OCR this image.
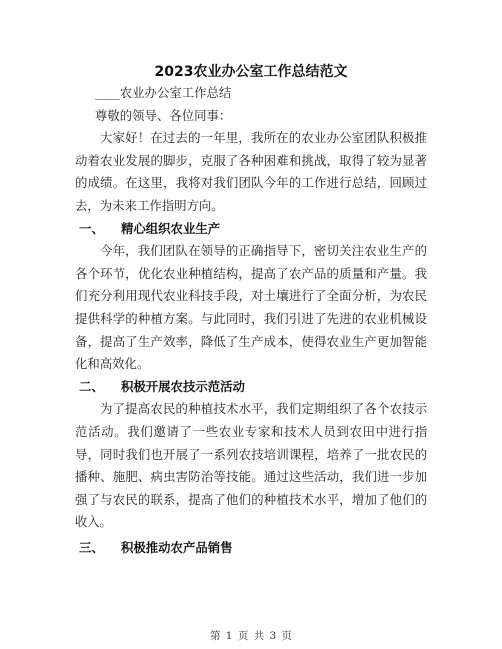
2023农业办公室工作总结范文

____农业办公室工作总结

尊敬的领导、各位同事：

大家好！在过去的一年里，我所在的农业办公室团队积极推动着农业发展的脚步，克服了各种困难和挑战，取得了较为显著的成绩。在这里，我将对我们团队今年的工作进行总结，回顾过去，为未来工作指明方向。

一、 精心组织农业生产

今年，我们团队在领导的正确指导下，密切关注农业生产的各个环节，优化农业种植结构，提高了农产品的质量和产量。我们充分利用现代农业科技手段，对土壤进行了全面分析，为农民提供科学的种植方案。与此同时，我们引进了先进的农业机械设备，提高了生产效率，降低了生产成本，使得农业生产更加智能化和高效化。

二、 积极开展农技示范活动

为了提高农民的种植技术水平，我们定期组织了各个农技示范活动。我们邀请了一些农业专家和技术人员到农田中进行指导，同时我们也开展了一系列农技培训课程，培养了一批农民的播种、施肥、病虫害防治等技能。通过这些活动，我们进一步加强了与农民的联系，提高了他们的种植技术水平，增加了他们的收入。

三、 积极推动农产品销售

第 1 页 共 3 页
